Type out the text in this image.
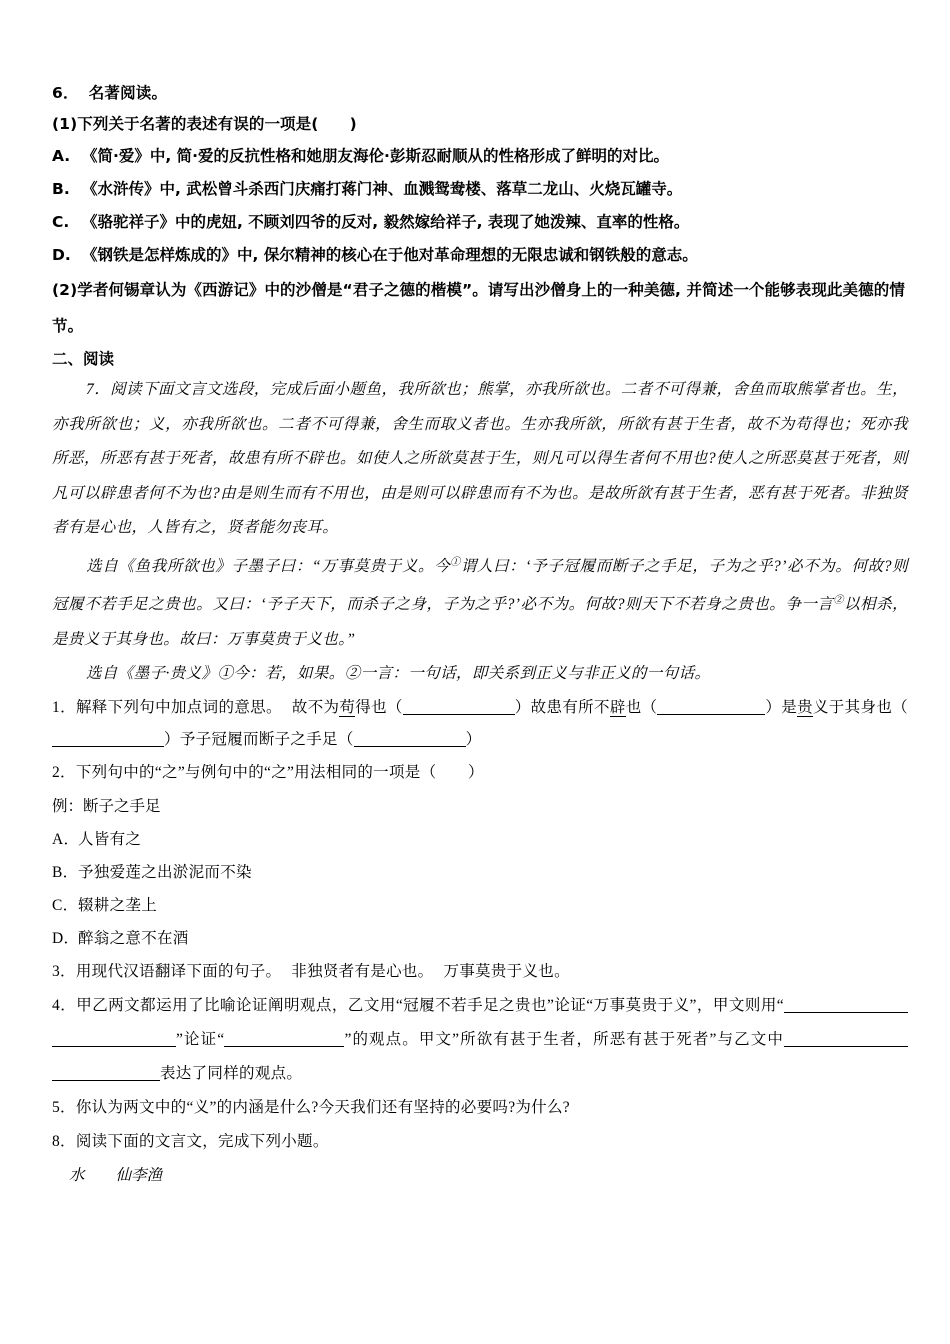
6． 名著阅读。
(1)下列关于名著的表述有误的一项是(　　)
A. 《简·爱》中, 简·爱的反抗性格和她朋友海伦·彭斯忍耐顺从的性格形成了鲜明的对比。
B. 《水浒传》中, 武松曾斗杀西门庆痛打蒋门神、血溅鸳鸯楼、落草二龙山、火烧瓦罐寺。
C. 《骆驼祥子》中的虎妞, 不顾刘四爷的反对, 毅然嫁给祥子, 表现了她泼辣、直率的性格。
D. 《钢铁是怎样炼成的》中, 保尔精神的核心在于他对革命理想的无限忠诚和钢铁般的意志。
(2)学者何锡章认为《西游记》中的沙僧是“君子之德的楷模”。请写出沙僧身上的一种美德, 并简述一个能够表现此美德的情节。
二、阅读
7．阅读下面文言文选段，完成后面小题鱼，我所欲也；熊掌，亦我所欲也。二者不可得兼，舍鱼而取熊掌者也。生，亦我所欲也；义，亦我所欲也。二者不可得兼，舍生而取义者也。生亦我所欲，所欲有甚于生者，故不为苟得也；死亦我所恶，所恶有甚于死者，故患有所不辟也。如使人之所欲莫甚于生，则凡可以得生者何不用也?使人之所恶莫甚于死者，则凡可以辟患者何不为也?由是则生而有不用也，由是则可以辟患而有不为也。是故所欲有甚于生者，恶有甚于死者。非独贤者有是心也，人皆有之，贤者能勿丧耳。
选自《鱼我所欲也》子墨子曰：“万事莫贵于义。今①谓人曰：‘予子冠履而断子之手足，子为之乎?’必不为。何故?则冠履不若手足之贵也。又曰：‘予子天下，而杀子之身，子为之乎?’必不为。何故?则天下不若身之贵也。争一言②以相杀，是贵义于其身也。故曰：万事莫贵于义也。”
选自《墨子·贵义》①今：若，如果。②一言：一句话，即关系到正义与非正义的一句话。
1．解释下列句中加点词的意思。 故不为苟得也（	）故患有所不辟也（	）是贵义于其身也（）予子冠履而断子之手足（	）
2．下列句中的“之”与例句中的“之”用法相同的一项是（　　）
例：断子之手足
A．人皆有之
B．予独爱莲之出淤泥而不染
C．辍耕之垄上
D．醉翁之意不在酒
3．用现代汉语翻译下面的句子。 非独贤者有是心也。 万事莫贵于义也。
4．甲乙两文都运用了比喻论证阐明观点，乙文用“冠履不若手足之贵也”论证“万事莫贵于义”，甲文则用“”论证“	”的观点。甲文”所欲有甚于生者，所恶有甚于死者”与乙文中表达了同样的观点。
5．你认为两文中的“义”的内涵是什么?今天我们还有坚持的必要吗?为什么?
8．阅读下面的文言文，完成下列小题。
水　　仙李渔
